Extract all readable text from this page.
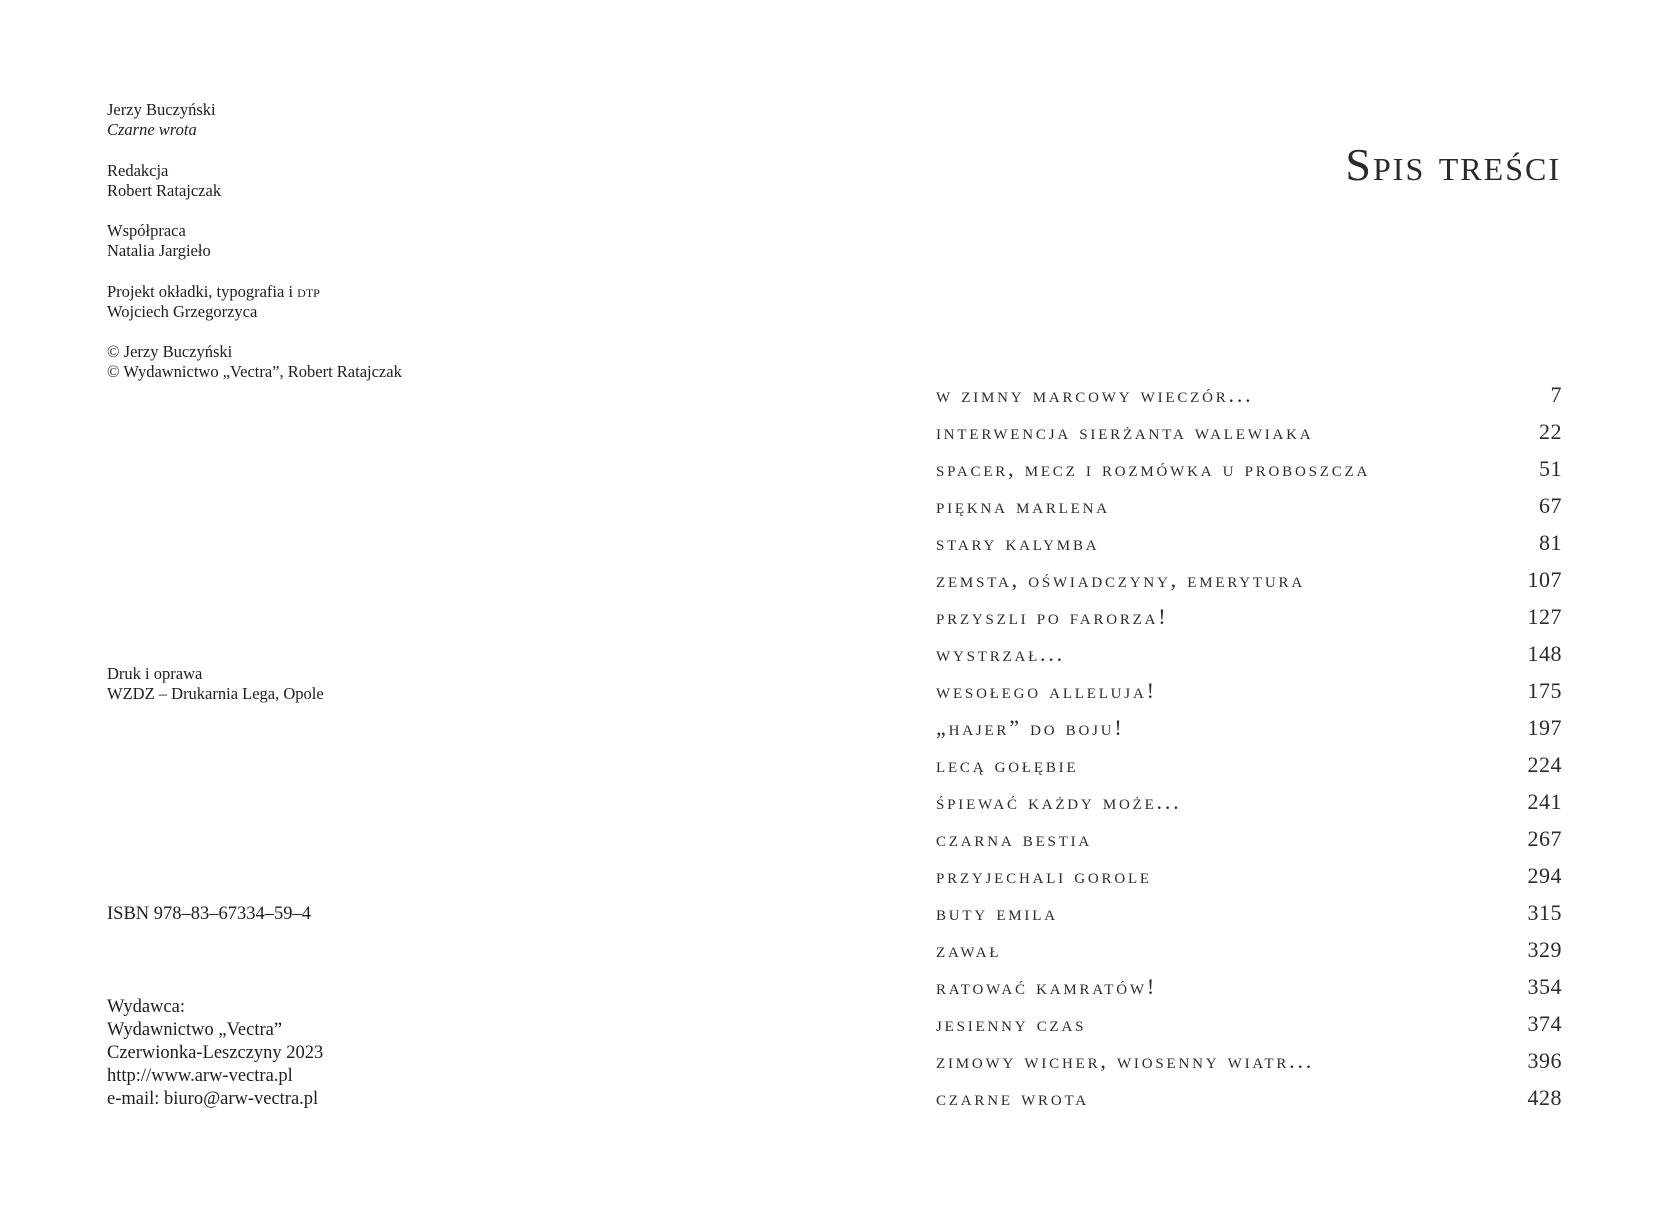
Jerzy Buczyński
Czarne wrota
Redakcja
Robert Ratajczak
Współpraca
Natalia Jargieło
Projekt okładki, typografia i dtp
Wojciech Grzegorzyca
© Jerzy Buczyński
© Wydawnictwo „Vectra”, Robert Ratajczak
Druk i oprawa
WZDZ – Drukarnia Lega, Opole
ISBN 978–83–67334–59–4
Wydawca:
Wydawnictwo „Vectra”
Czerwionka-Leszczyny 2023
http://www.arw-vectra.pl
e-mail: biuro@arw-vectra.pl
Spis treści
w zimny marcowy wieczór...	7
interwencja sierżanta walewiaka	22
spacer, mecz i rozmówka u proboszcza	51
piękna marlena	67
stary kalymba	81
zemsta, oświadczyny, emerytura	107
przyszli po farorza!	127
wystrzał...	148
wesołego alleluja!	175
„hajer” do boju!	197
lecą gołębie	224
śpiewać każdy może...	241
czarna bestia	267
przyjechali gorole	294
buty emila	315
zawał	329
ratować kamratów!	354
jesienny czas	374
zimowy wicher, wiosenny wiatr...	396
czarne wrota	428
